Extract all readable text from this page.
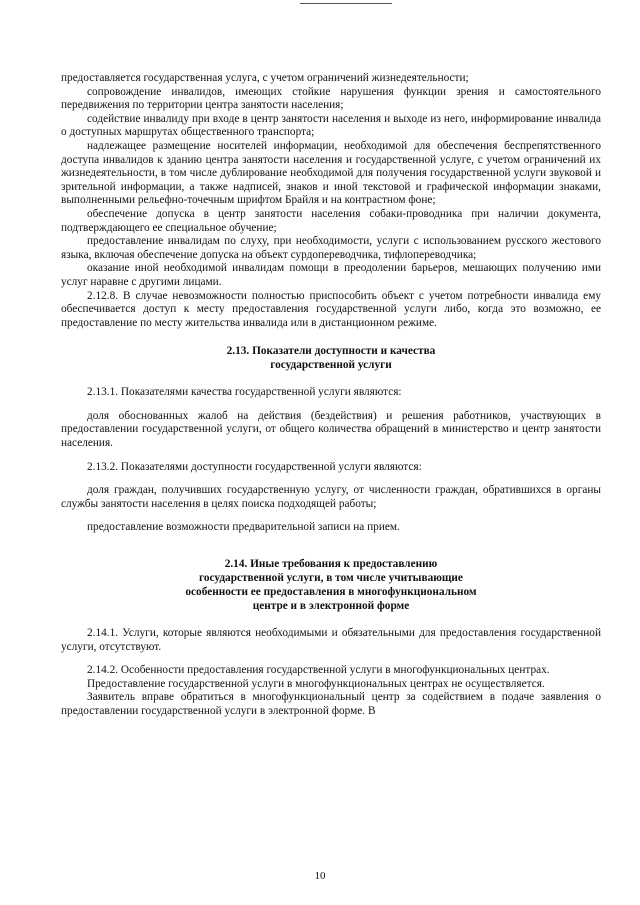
предоставляется государственная услуга, с учетом ограничений жизнедеятельности;

сопровождение инвалидов, имеющих стойкие нарушения функции зрения и самостоятельного передвижения по территории центра занятости населения;

содействие инвалиду при входе в центр занятости населения и выходе из него, информирование инвалида о доступных маршрутах общественного транспорта;

надлежащее размещение носителей информации, необходимой для обеспечения беспрепятственного доступа инвалидов к зданию центра занятости населения и государственной услуге, с учетом ограничений их жизнедеятельности, в том числе дублирование необходимой для получения государственной услуги звуковой и зрительной информации, а также надписей, знаков и иной текстовой и графической информации знаками, выполненными рельефно-точечным шрифтом Брайля и на контрастном фоне;

обеспечение допуска в центр занятости населения собаки-проводника при наличии документа, подтверждающего ее специальное обучение;

предоставление инвалидам по слуху, при необходимости, услуги с использованием русского жестового языка, включая обеспечение допуска на объект сурдопереводчика, тифлопереводчика;

оказание иной необходимой инвалидам помощи в преодолении барьеров, мешающих получению ими услуг наравне с другими лицами.

2.12.8. В случае невозможности полностью приспособить объект с учетом потребности инвалида ему обеспечивается доступ к месту предоставления государственной услуги либо, когда это возможно, ее предоставление по месту жительства инвалида или в дистанционном режиме.

2.13. Показатели доступности и качества
государственной услуги

2.13.1. Показателями качества государственной услуги являются:

доля обоснованных жалоб на действия (бездействия) и решения работников, участвующих в предоставлении государственной услуги, от общего количества обращений в министерство и центр занятости населения.

2.13.2. Показателями доступности государственной услуги являются:

доля граждан, получивших государственную услугу, от численности граждан, обратившихся в органы службы занятости населения в целях поиска подходящей работы;

предоставление возможности предварительной записи на прием.

2.14. Иные требования к предоставлению
государственной услуги, в том числе учитывающие
особенности ее предоставления в многофункциональном
центре и в электронной форме

2.14.1. Услуги, которые являются необходимыми и обязательными для предоставления государственной услуги, отсутствуют.

2.14.2. Особенности предоставления государственной услуги в многофункциональных центрах.

Предоставление государственной услуги в многофункциональных центрах не осуществляется.

Заявитель вправе обратиться в многофункциональный центр за содействием в подаче заявления о предоставлении государственной услуги в электронной форме. В

10
